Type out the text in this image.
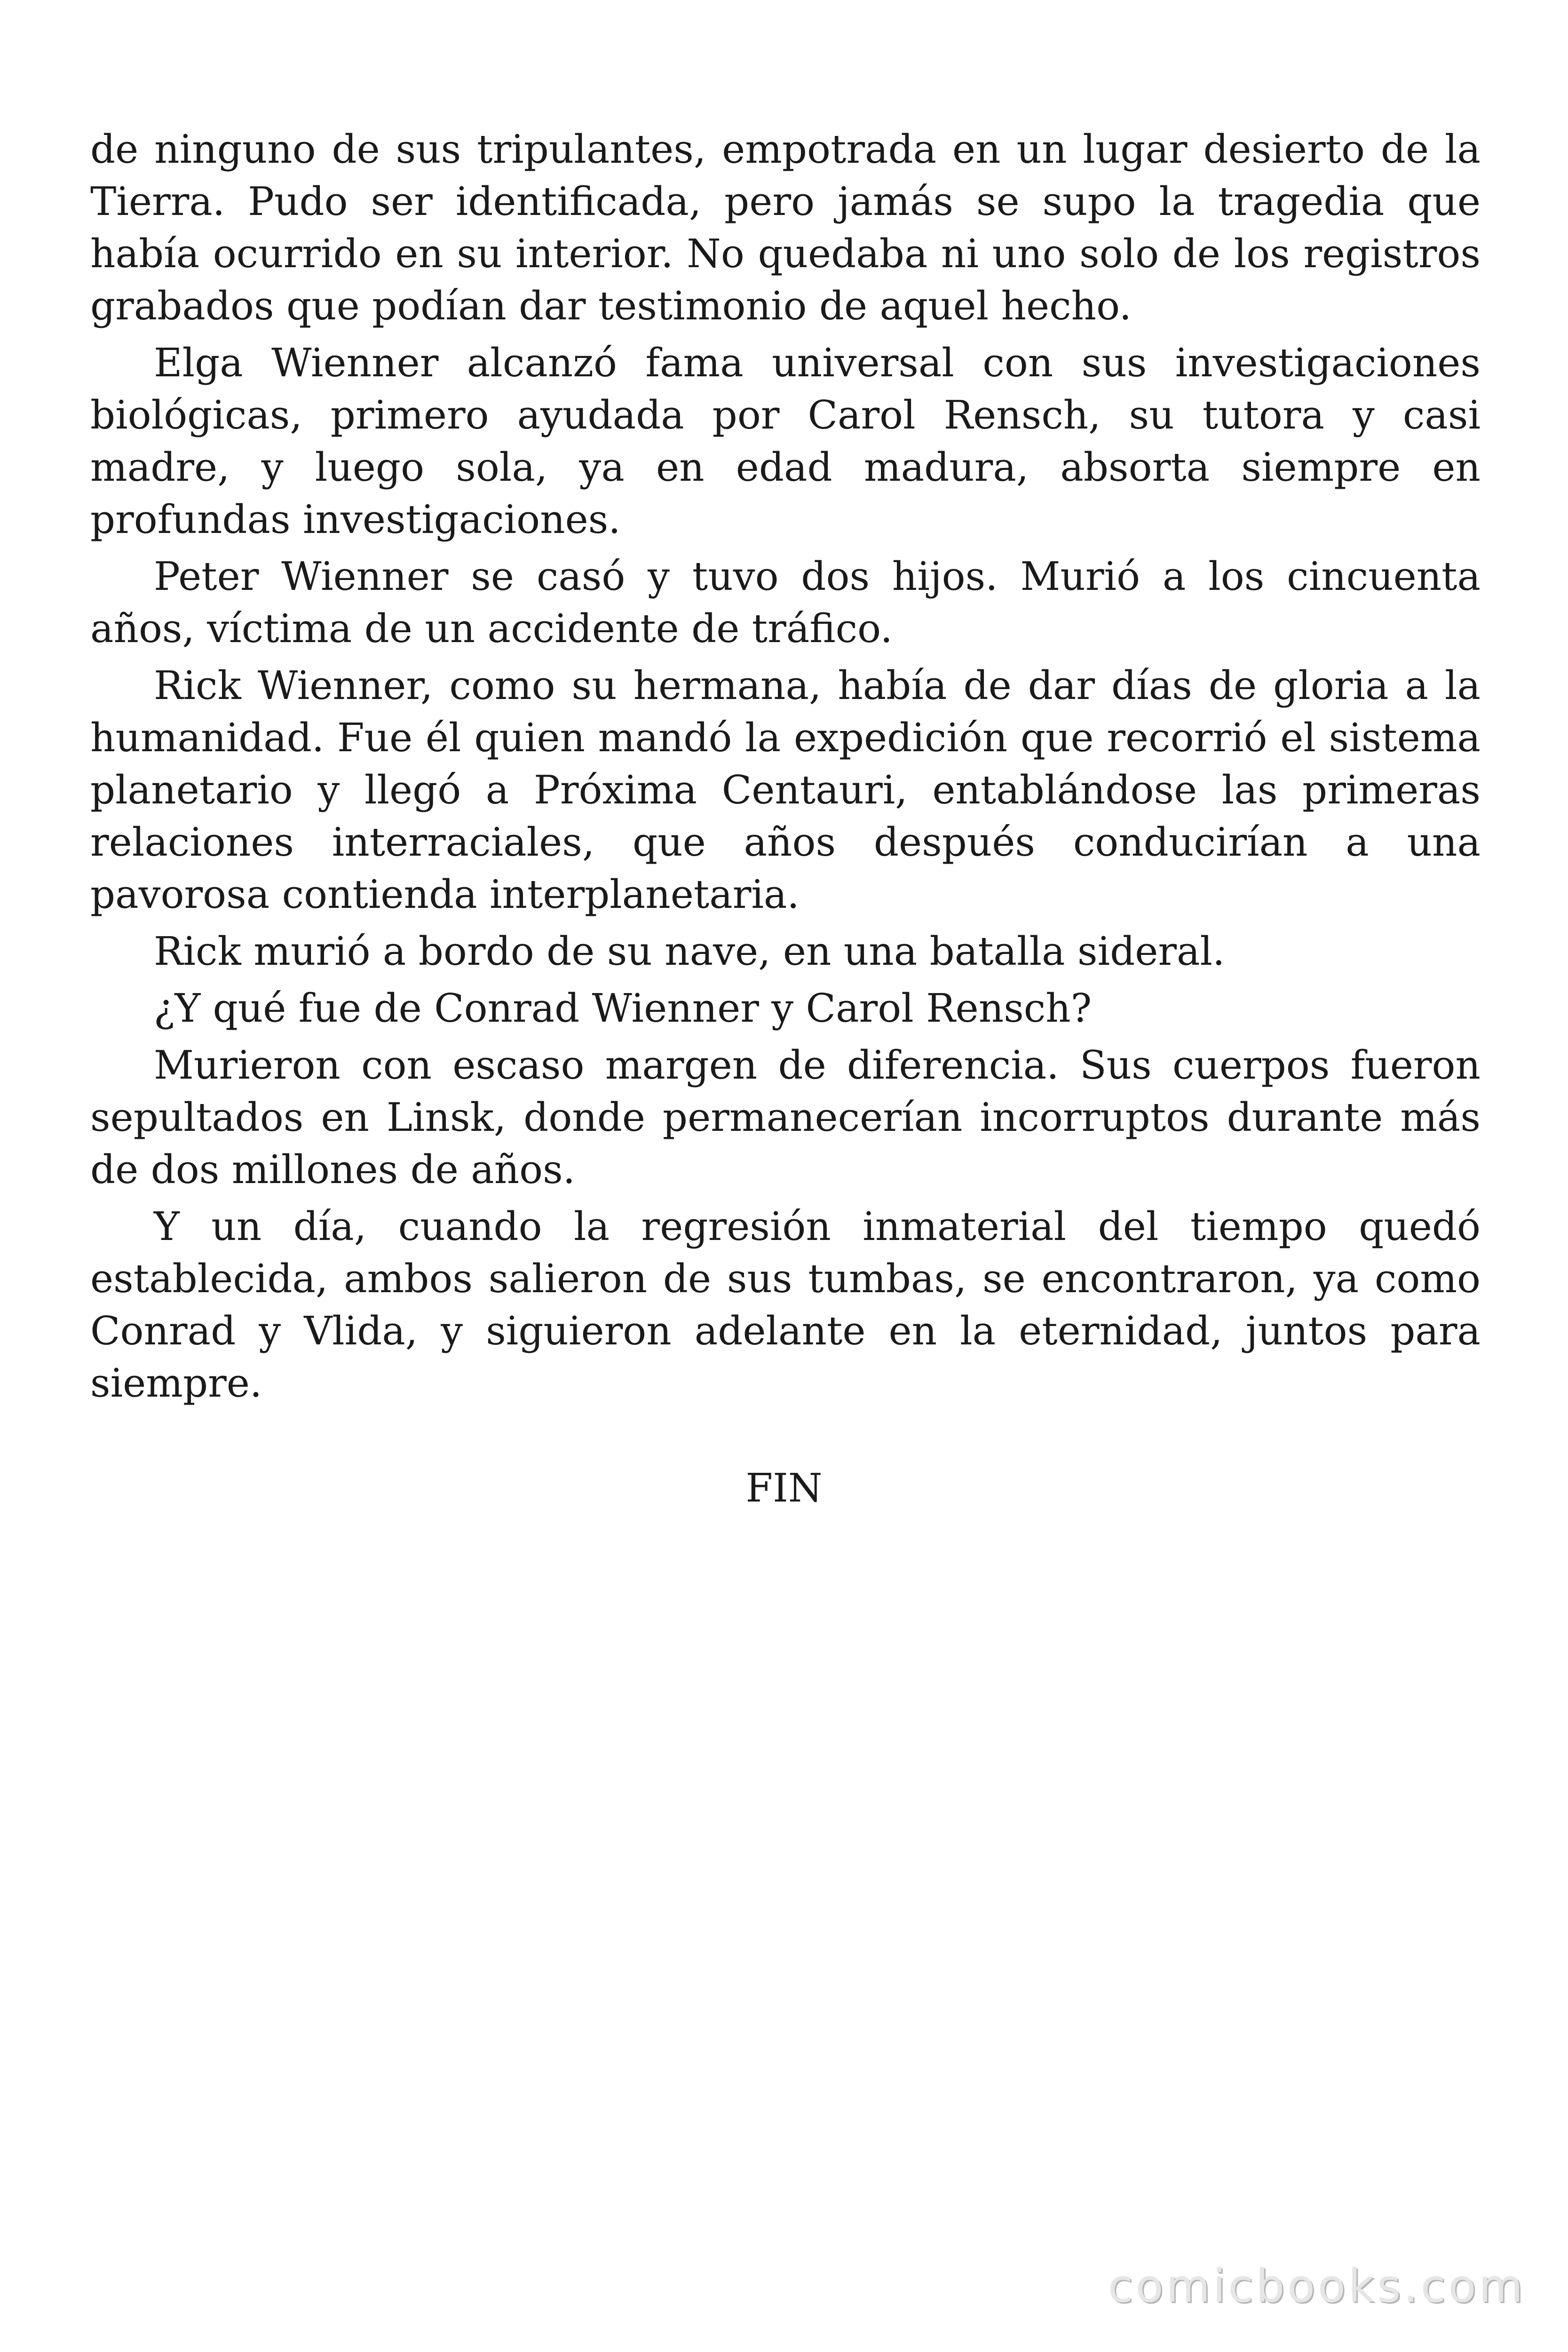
de ninguno de sus tripulantes, empotrada en un lugar desierto de la Tierra. Pudo ser identificada, pero jamás se supo la tragedia que había ocurrido en su interior. No quedaba ni uno solo de los registros grabados que podían dar testimonio de aquel hecho.

Elga Wienner alcanzó fama universal con sus investigaciones biológicas, primero ayudada por Carol Rensch, su tutora y casi madre, y luego sola, ya en edad madura, absorta siempre en profundas investigaciones.

Peter Wienner se casó y tuvo dos hijos. Murió a los cincuenta años, víctima de un accidente de tráfico.

Rick Wienner, como su hermana, había de dar días de gloria a la humanidad. Fue él quien mandó la expedición que recorrió el sistema planetario y llegó a Próxima Centauri, entablándose las primeras relaciones interraciales, que años después conducirían a una pavorosa contienda interplanetaria.

Rick murió a bordo de su nave, en una batalla sideral.

¿Y qué fue de Conrad Wienner y Carol Rensch?

Murieron con escaso margen de diferencia. Sus cuerpos fueron sepultados en Linsk, donde permanecerían incorruptos durante más de dos millones de años.

Y un día, cuando la regresión inmaterial del tiempo quedó establecida, ambos salieron de sus tumbas, se encontraron, ya como Conrad y Vlida, y siguieron adelante en la eternidad, juntos para siempre.

FIN
comicbooks.com
